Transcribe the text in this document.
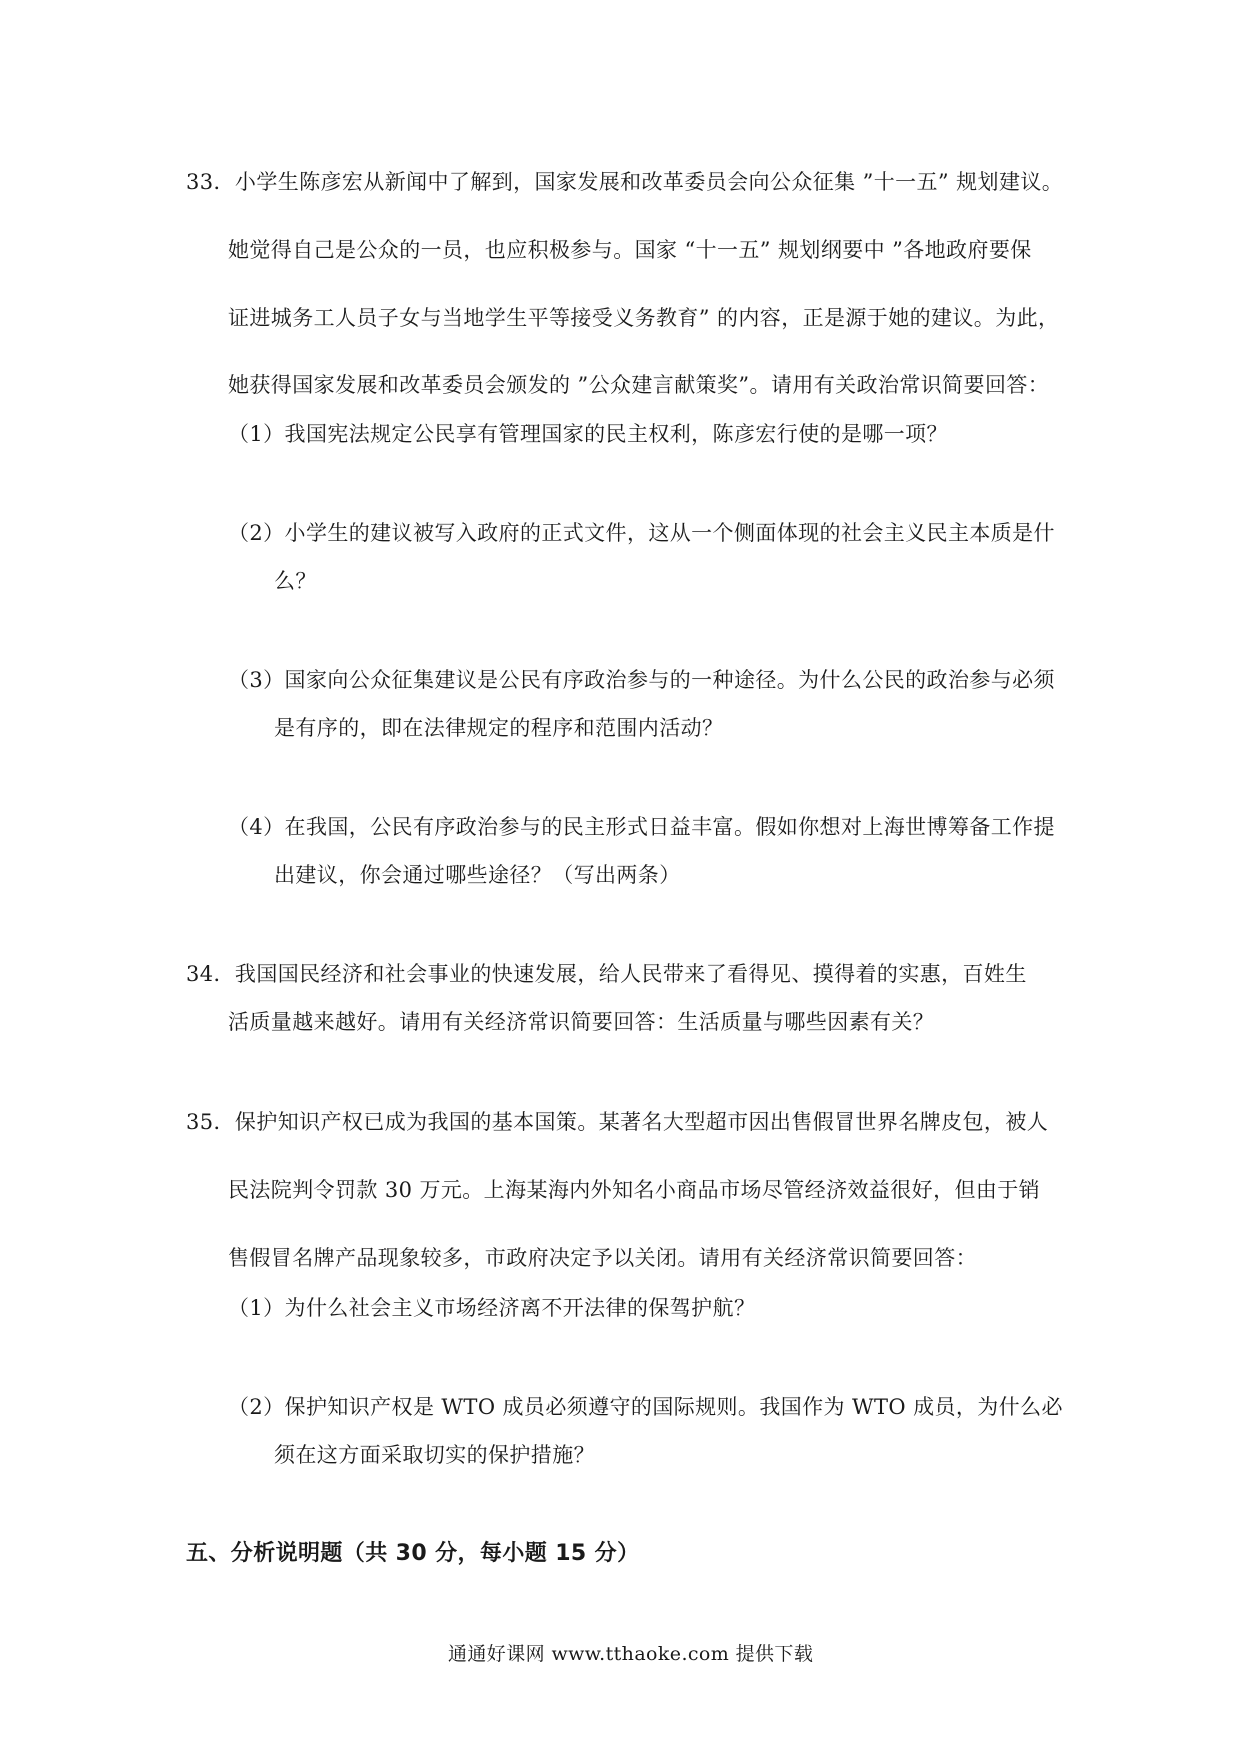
33．小学生陈彦宏从新闻中了解到，国家发展和改革委员会向公众征集 ”十一五” 规划建议。
她觉得自己是公众的一员，也应积极参与。国家 “十一五” 规划纲要中 ”各地政府要保
证进城务工人员子女与当地学生平等接受义务教育” 的内容，正是源于她的建议。为此，
她获得国家发展和改革委员会颁发的 ”公众建言献策奖”。请用有关政治常识简要回答：
（1）我国宪法规定公民享有管理国家的民主权利，陈彦宏行使的是哪一项？
（2）小学生的建议被写入政府的正式文件，这从一个侧面体现的社会主义民主本质是什
么？
（3）国家向公众征集建议是公民有序政治参与的一种途径。为什么公民的政治参与必须
是有序的，即在法律规定的程序和范围内活动？
（4）在我国，公民有序政治参与的民主形式日益丰富。假如你想对上海世博筹备工作提
出建议，你会通过哪些途径？（写出两条）
34．我国国民经济和社会事业的快速发展，给人民带来了看得见、摸得着的实惠，百姓生
活质量越来越好。请用有关经济常识简要回答：生活质量与哪些因素有关？
35．保护知识产权已成为我国的基本国策。某著名大型超市因出售假冒世界名牌皮包，被人
民法院判令罚款 30 万元。上海某海内外知名小商品市场尽管经济效益很好，但由于销
售假冒名牌产品现象较多，市政府决定予以关闭。请用有关经济常识简要回答：
（1）为什么社会主义市场经济离不开法律的保驾护航？
（2）保护知识产权是 WTO 成员必须遵守的国际规则。我国作为 WTO 成员，为什么必
须在这方面采取切实的保护措施？
五、分析说明题（共 30 分，每小题 15 分）
通通好课网 www.tthaoke.com 提供下载
